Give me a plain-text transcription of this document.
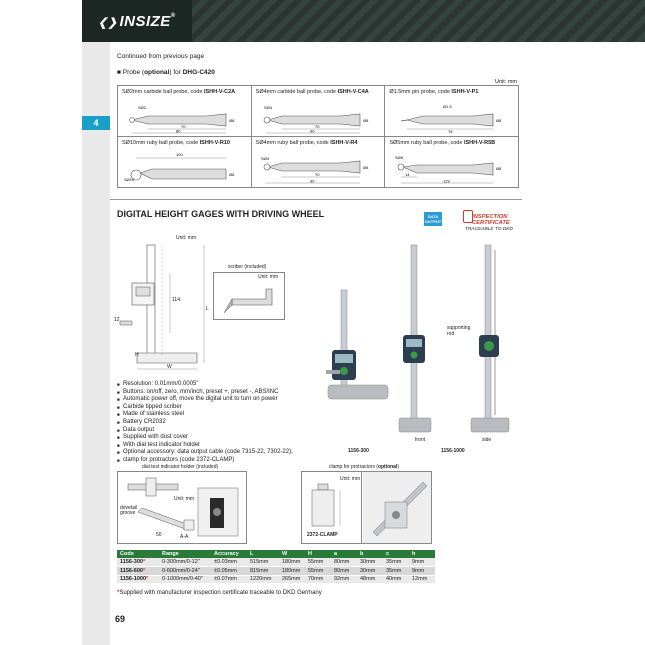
❮❯ INSIZE®
4
Continued from previous page
■ Probe (optional) for DHG-C420
Unit: mm
SØ2mm carbide ball probe, code ISHH-V-C2A
SØ2
70
80
Ø8
SØ4mm carbide ball probe, code ISHH-V-C4A
SØ4
70
90
Ø8
Ø1.5mm pin probe, code ISHH-V-P1
Ø1.5
78
Ø8
SØ10mm ruby ball probe, code ISHH-V-R10
100
SØ10
Ø8
SØ4mm ruby ball probe, code ISHH-V-R4
SØ4
70
90
Ø8
SØ5mm ruby ball probe, code ISHH-V-R5B
SØ5
14
129
Ø8
DIGITAL HEIGHT GAGES WITH DRIVING WHEEL	DATA
OUTPUT
INSPECTION
CERTIFICATE
TRACEABLE TO DKD
Unit: mm
114
L
H
W
12
scriber (included)
Unit: mm
supporting rod
front	side
1156-300	1156-1000
■ Resolution: 0.01mm/0.0005"
■ Buttons: on/off, zero, mm/inch, preset +, preset -, ABS/INC
■ Automatic power off, move the digital unit to turn on power
■ Carbide tipped scriber
■ Made of stainless steel
■ Battery CR2032
■ Data output
■ Supplied with dust cover
■ With dial test indicator holder
■ Optional accessory: data output cable (code 7315-22, 7302-22),
■ clamp for protractors (code 2372-CLAMP)
dial test indicator holder (included)
Unit: mm
dovetail groove
50	A-A
clamp for protractors (optional)
Unit: mm
2372-CLAMP
Code	Range	Accuracy	L	W	H	a	b	c	h
1156-300*	0-300mm/0-12"	±0.03mm	515mm	180mm	55mm	80mm	30mm	35mm	9mm
1156-600*	0-600mm/0-24"	±0.05mm	815mm	180mm	55mm	80mm	30mm	35mm	9mm
1156-1000*	0-1000mm/0-40"	±0.07mm	1220mm	265mm	70mm	92mm	48mm	40mm	12mm
*Supplied with manufacturer inspection certificate traceable to DKD Germany
69
